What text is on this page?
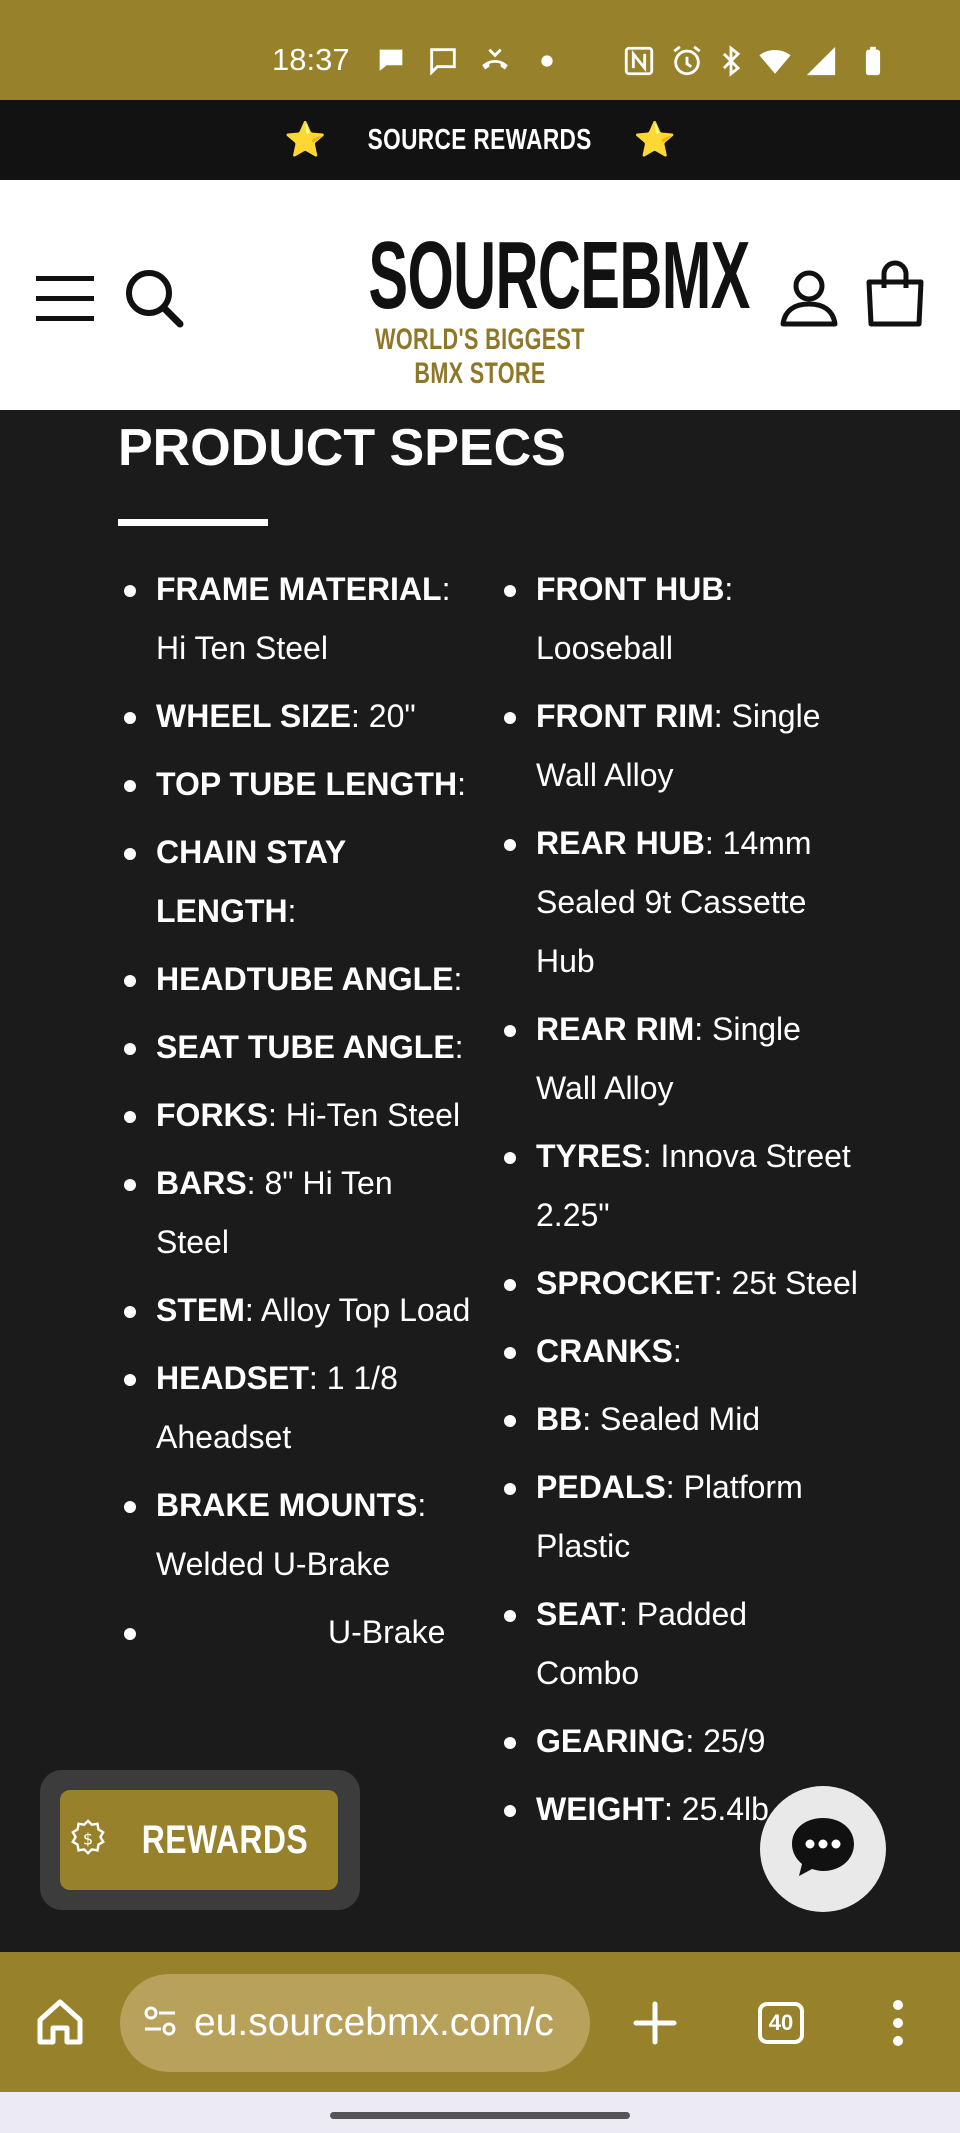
18:37
⭐ SOURCE REWARDS ⭐
SOURCEBMX
WORLD'S BIGGEST BMX STORE
PRODUCT SPECS
FRAME MATERIAL: Hi Ten Steel
WHEEL SIZE: 20"
TOP TUBE LENGTH:
CHAIN STAY LENGTH:
HEADTUBE ANGLE:
SEAT TUBE ANGLE:
FORKS: Hi-Ten Steel
BARS: 8" Hi Ten Steel
STEM: Alloy Top Load
HEADSET: 1 1/8 Aheadset
BRAKE MOUNTS: Welded U-Brake
U-Brake
FRONT HUB: Looseball
FRONT RIM: Single Wall Alloy
REAR HUB: 14mm Sealed 9t Cassette Hub
REAR RIM: Single Wall Alloy
TYRES: Innova Street 2.25"
SPROCKET: 25t Steel
CRANKS:
BB: Sealed Mid
PEDALS: Platform Plastic
SEAT: Padded Combo
GEARING: 25/9
WEIGHT: 25.4lb
$ REWARDS
eu.sourcebmx.com/c	40
